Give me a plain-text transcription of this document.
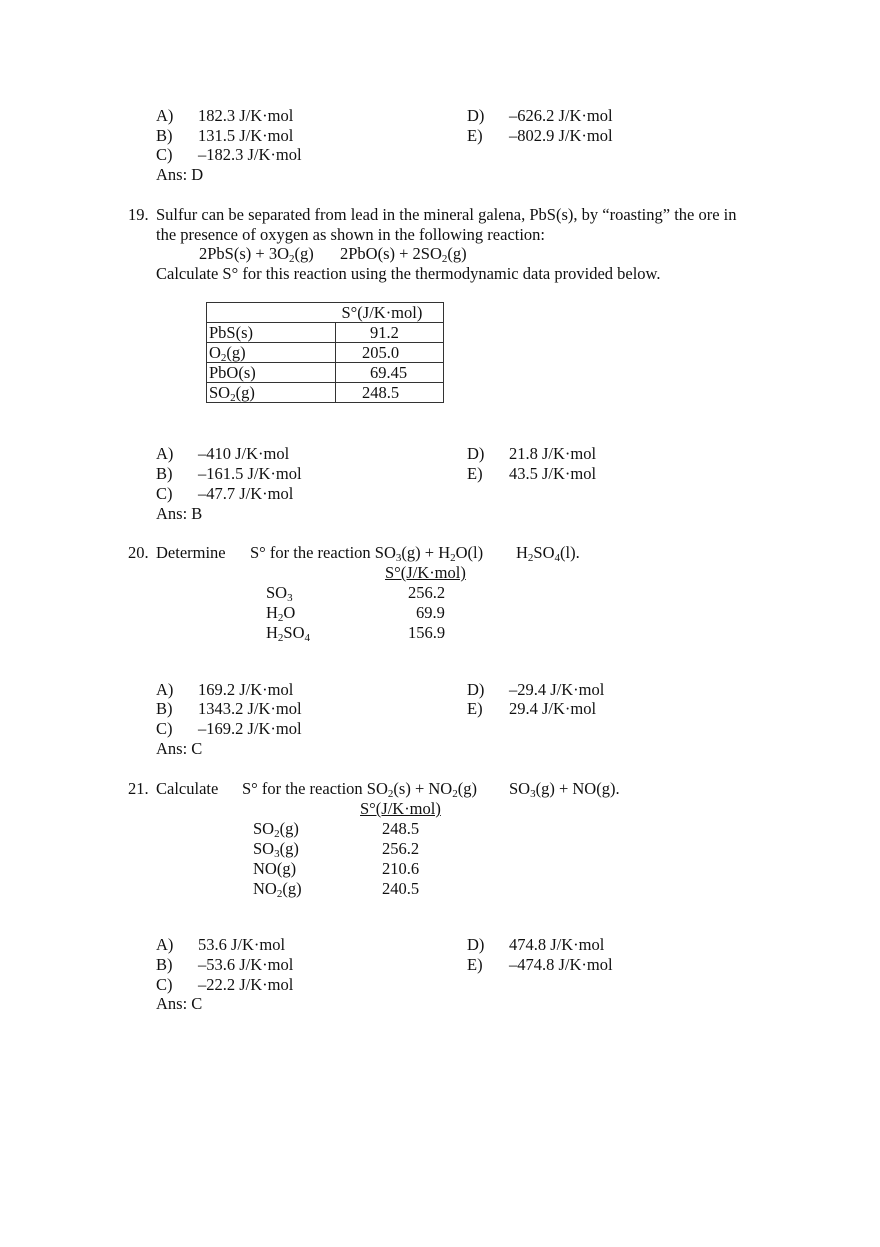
A) 182.3 J/K·mol
B) 131.5 J/K·mol
C) –182.3 J/K·mol
D) –626.2 J/K·mol
E) –802.9 J/K·mol
Ans: D
19. Sulfur can be separated from lead in the mineral galena, PbS(s), by “roasting” the ore in
the presence of oxygen as shown in the following reaction:
$2PbS(s) + 3O_2(g) 2PbO(s) + 2SO_2(g)$
Calculate S° for this reaction using the thermodynamic data provided below.
	S°(J/K·mol)
PbS(s)	91.2
$O_2(g)$	205.0
PbO(s)	69.45
$SO_2(g)$	248.5
A) –410 J/K·mol
B) –161.5 J/K·mol
C) –47.7 J/K·mol
D) 21.8 J/K·mol
E) 43.5 J/K·mol
Ans: B
20. Determine S° for the reaction $SO_3(g) + H_2O(l)$ $H_2SO_4(l)$.
S°(J/K·mol)
$SO_3$	256.2
$H_2O$	69.9
$H_2SO_4$	156.9
A) 169.2 J/K·mol
B) 1343.2 J/K·mol
C) –169.2 J/K·mol
D) –29.4 J/K·mol
E) 29.4 J/K·mol
Ans: C
21. Calculate S° for the reaction $SO_2(s) + NO_2(g) SO_3(g) + NO(g)$.
S°(J/K·mol)
$SO_2(g)$	248.5
$SO_3(g)$	256.2
NO(g)	210.6
$NO_2(g)$	240.5
A) 53.6 J/K·mol
B) –53.6 J/K·mol
C) –22.2 J/K·mol
D) 474.8 J/K·mol
E) –474.8 J/K·mol
Ans: C
